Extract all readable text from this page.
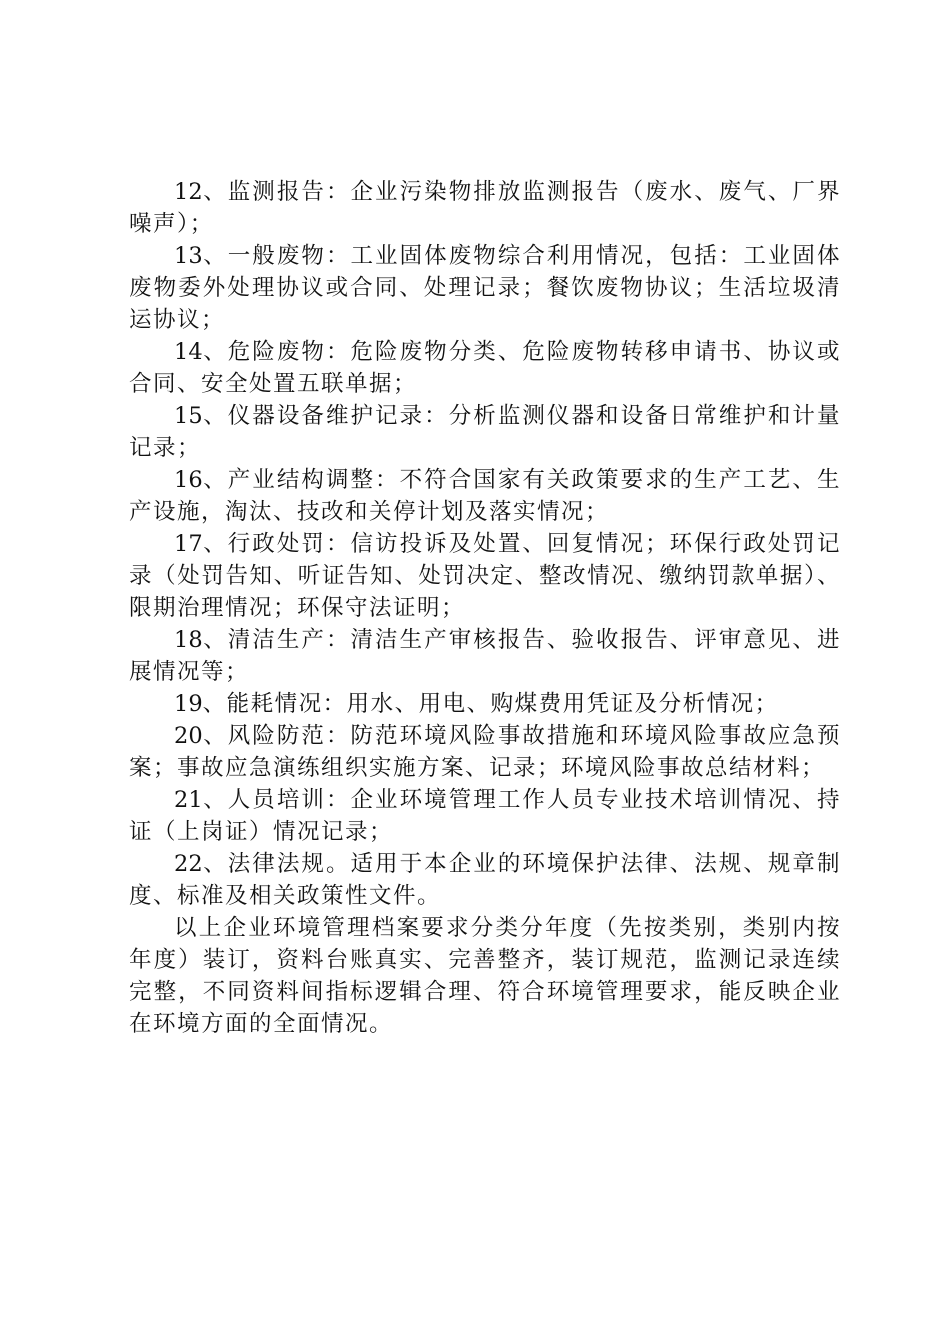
12、监测报告：企业污染物排放监测报告（废水、废气、厂界噪声）；

13、一般废物：工业固体废物综合利用情况，包括：工业固体废物委外处理协议或合同、处理记录；餐饮废物协议；生活垃圾清运协议；

14、危险废物：危险废物分类、危险废物转移申请书、协议或合同、安全处置五联单据；

15、仪器设备维护记录：分析监测仪器和设备日常维护和计量记录；

16、产业结构调整：不符合国家有关政策要求的生产工艺、生产设施，淘汰、技改和关停计划及落实情况；

17、行政处罚：信访投诉及处置、回复情况；环保行政处罚记录（处罚告知、听证告知、处罚决定、整改情况、缴纳罚款单据）、限期治理情况；环保守法证明；

18、清洁生产：清洁生产审核报告、验收报告、评审意见、进展情况等；

19、能耗情况：用水、用电、购煤费用凭证及分析情况；

20、风险防范：防范环境风险事故措施和环境风险事故应急预案；事故应急演练组织实施方案、记录；环境风险事故总结材料；

21、人员培训：企业环境管理工作人员专业技术培训情况、持证（上岗证）情况记录；

22、法律法规。适用于本企业的环境保护法律、法规、规章制度、标准及相关政策性文件。

以上企业环境管理档案要求分类分年度（先按类别，类别内按年度）装订，资料台账真实、完善整齐，装订规范，监测记录连续完整，不同资料间指标逻辑合理、符合环境管理要求，能反映企业在环境方面的全面情况。
